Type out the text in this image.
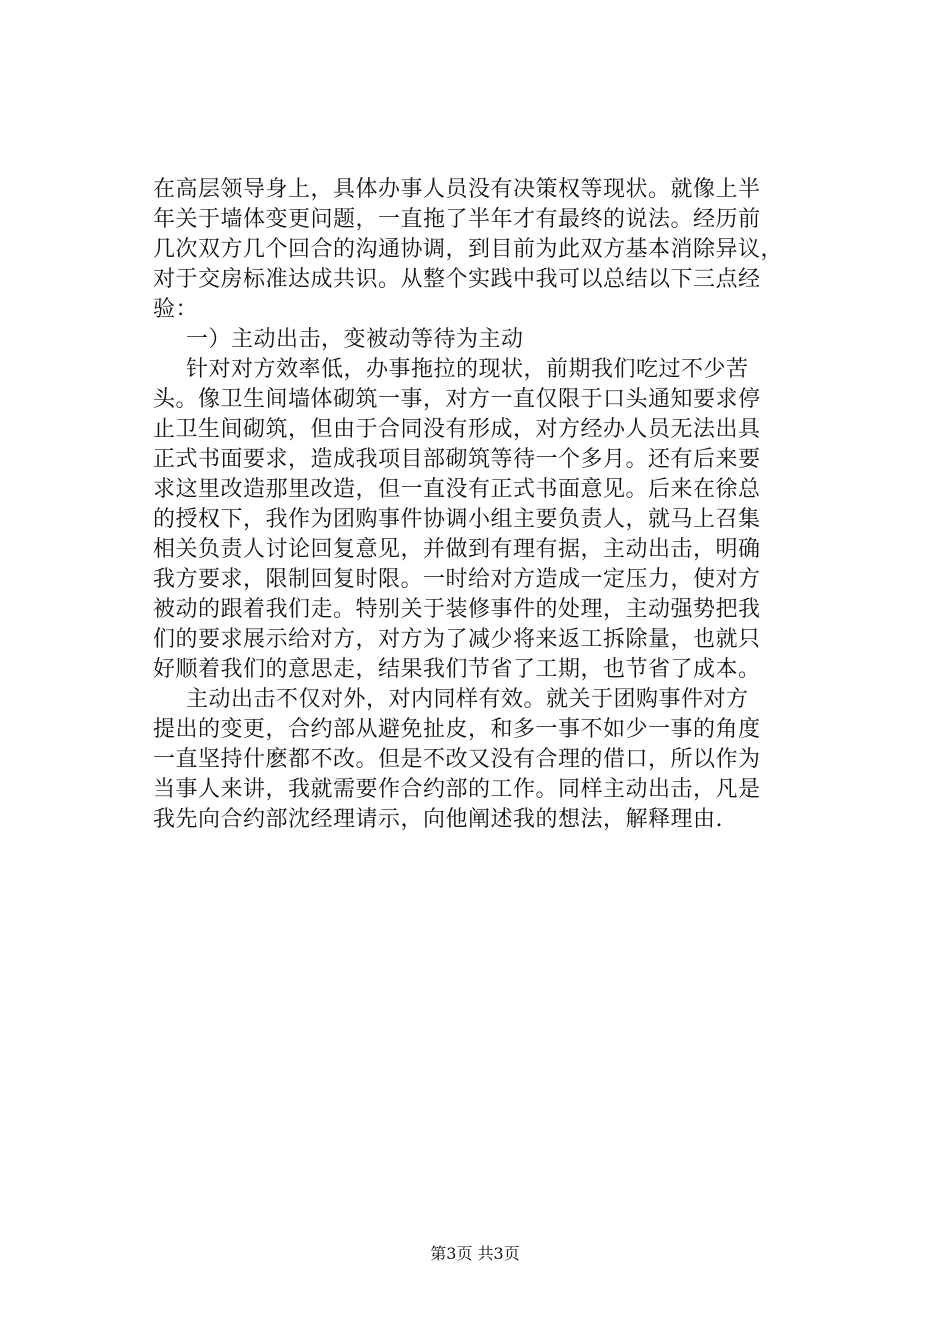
在高层领导身上，具体办事人员没有决策权等现状。就像上半
年关于墙体变更问题，一直拖了半年才有最终的说法。经历前
几次双方几个回合的沟通协调，到目前为此双方基本消除异议，
对于交房标准达成共识。从整个实践中我可以总结以下三点经
验：
一）主动出击，变被动等待为主动
针对对方效率低，办事拖拉的现状，前期我们吃过不少苦
头。像卫生间墙体砌筑一事，对方一直仅限于口头通知要求停
止卫生间砌筑，但由于合同没有形成，对方经办人员无法出具
正式书面要求，造成我项目部砌筑等待一个多月。还有后来要
求这里改造那里改造，但一直没有正式书面意见。后来在徐总
的授权下，我作为团购事件协调小组主要负责人，就马上召集
相关负责人讨论回复意见，并做到有理有据，主动出击，明确
我方要求，限制回复时限。一时给对方造成一定压力，使对方
被动的跟着我们走。特别关于装修事件的处理，主动强势把我
们的要求展示给对方，对方为了减少将来返工拆除量，也就只
好顺着我们的意思走，结果我们节省了工期，也节省了成本。
主动出击不仅对外，对内同样有效。就关于团购事件对方
提出的变更，合约部从避免扯皮，和多一事不如少一事的角度
一直坚持什麽都不改。但是不改又没有合理的借口，所以作为
当事人来讲，我就需要作合约部的工作。同样主动出击，凡是
我先向合约部沈经理请示，向他阐述我的想法，解释理由.
第3页 共3页
